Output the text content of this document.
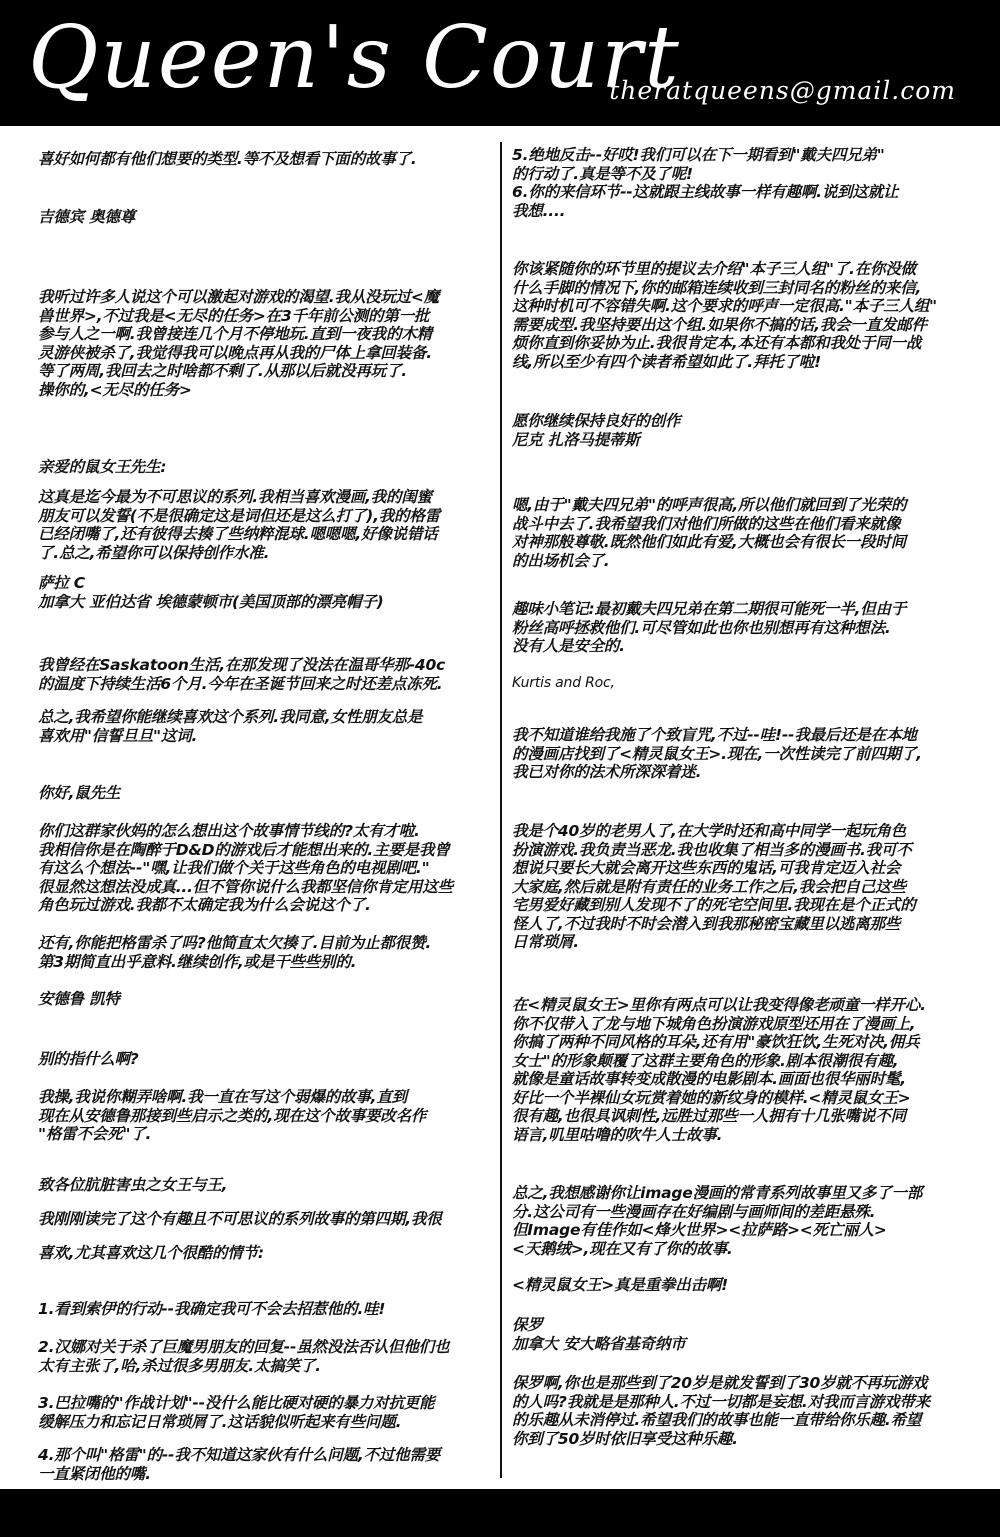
Queen's Court
theratqueens@gmail.com

喜好如何都有他们想要的类型.等不及想看下面的故事了.

吉德宾 奥德尊

我听过许多人说这个可以激起对游戏的渴望.我从没玩过<魔
兽世界>,不过我是<无尽的任务>在3千年前公测的第一批
参与人之一啊.我曾接连几个月不停地玩.直到一夜我的木精
灵游侠被杀了,我觉得我可以晚点再从我的尸体上拿回装备.
等了两周,我回去之时啥都不剩了.从那以后就没再玩了.
操你的,<无尽的任务>

亲爱的鼠女王先生:

这真是迄今最为不可思议的系列.我相当喜欢漫画,我的闺蜜
朋友可以发誓(不是很确定这是词但还是这么打了),我的格雷
已经闭嘴了,还有彼得去揍了些纳粹混球.嗯嗯嗯,好像说错话
了.总之,希望你可以保持创作水准.

萨拉 C
加拿大 亚伯达省 埃德蒙顿市(美国顶部的漂亮帽子)

我曾经在Saskatoon生活,在那发现了没法在温哥华那-40c
的温度下持续生活6个月.今年在圣诞节回来之时还差点冻死.

总之,我希望你能继续喜欢这个系列.我同意,女性朋友总是
喜欢用"信誓旦旦"这词.

你好,鼠先生

你们这群家伙妈的怎么想出这个故事情节线的?太有才啦.
我相信你是在陶醉于D&D的游戏后才能想出来的.主要是我曾
有这么个想法--"嘿,让我们做个关于这些角色的电视剧吧."
很显然这想法没成真...但不管你说什么我都坚信你肯定用这些
角色玩过游戏.我都不太确定我为什么会说这个了.

还有,你能把格雷杀了吗?他简直太欠揍了.目前为止都很赞.
第3期简直出乎意料.继续创作,或是干些些别的.

安德鲁 凯特

别的指什么啊?

我操,我说你糊弄啥啊.我一直在写这个弱爆的故事,直到
现在从安德鲁那接到些启示之类的,现在这个故事要改名作
"格雷不会死"了.

致各位肮脏害虫之女王与王,

我刚刚读完了这个有趣且不可思议的系列故事的第四期,我很

喜欢,尤其喜欢这几个很酷的情节:

1.看到索伊的行动--我确定我可不会去招惹他的.哇!

2.汉娜对关于杀了巨魔男朋友的回复--虽然没法否认但他们也
太有主张了,哈,杀过很多男朋友.太搞笑了.

3.巴拉嘴的"作战计划"--没什么能比硬对硬的暴力对抗更能
缓解压力和忘记日常琐屑了.这话貌似听起来有些问题.

4.那个叫"格雷"的--我不知道这家伙有什么问题,不过他需要
一直紧闭他的嘴.

5.绝地反击--好哎!我们可以在下一期看到"戴夫四兄弟"
的行动了.真是等不及了呢!
6.你的来信环节--这就跟主线故事一样有趣啊.说到这就让
我想....

你该紧随你的环节里的提议去介绍"本子三人组"了.在你没做
什么手脚的情况下,你的邮箱连续收到三封同名的粉丝的来信,
这种时机可不容错失啊.这个要求的呼声一定很高."本子三人组"
需要成型.我坚持要出这个组.如果你不搞的话,我会一直发邮件
烦你直到你妥协为止.我很肯定本,本还有本都和我处于同一战
线,所以至少有四个读者希望如此了.拜托了啦!

愿你继续保持良好的创作
尼克 扎洛马提蒂斯

嗯,由于"戴夫四兄弟"的呼声很高,所以他们就回到了光荣的
战斗中去了.我希望我们对他们所做的这些在他们看来就像
对神那般尊敬.既然他们如此有爱,大概也会有很长一段时间
的出场机会了.

趣味小笔记:最初戴夫四兄弟在第二期很可能死一半,但由于
粉丝高呼拯救他们.可尽管如此也你也别想再有这种想法.
没有人是安全的.

Kurtis and Roc,

我不知道谁给我施了个致盲咒,不过--哇!--我最后还是在本地
的漫画店找到了<精灵鼠女王>.现在,一次性读完了前四期了,
我已对你的法术所深深着迷.

我是个40岁的老男人了,在大学时还和高中同学一起玩角色
扮演游戏.我负责当恶龙.我也收集了相当多的漫画书.我可不
想说只要长大就会离开这些东西的鬼话,可我肯定迈入社会
大家庭,然后就是附有责任的业务工作之后,我会把自己这些
宅男爱好藏到别人发现不了的死宅空间里.我现在是个正式的
怪人了,不过我时不时会潜入到我那秘密宝藏里以逃离那些
日常琐屑.

在<精灵鼠女王>里你有两点可以让我变得像老顽童一样开心.
你不仅带入了龙与地下城角色扮演游戏原型还用在了漫画上,
你搞了两种不同风格的耳朵,还有用"豪饮狂饮,生死对决,佣兵
女士"的形象颠覆了这群主要角色的形象.剧本很潮很有趣,
就像是童话故事转变成散漫的电影剧本.画面也很华丽时髦,
好比一个半裸仙女玩赏着她的新纹身的模样.<精灵鼠女王>
很有趣,也很具讽刺性,远胜过那些一人拥有十几张嘴说不同
语言,叽里咕噜的吹牛人士故事.

总之,我想感谢你让image漫画的常青系列故事里又多了一部
分.这公司有一些漫画存在好编剧与画师间的差距悬殊.
但Image有佳作如<烽火世界><拉萨路><死亡丽人>
<天鹅绒>,现在又有了你的故事.

<精灵鼠女王>真是重拳出击啊!

保罗
加拿大 安大略省基奇纳市

保罗啊,你也是那些到了20岁是就发誓到了30岁就不再玩游戏
的人吗?我就是是那种人.不过一切都是妄想.对我而言游戏带来
的乐趣从未消停过.希望我们的故事也能一直带给你乐趣.希望
你到了50岁时依旧享受这种乐趣.
